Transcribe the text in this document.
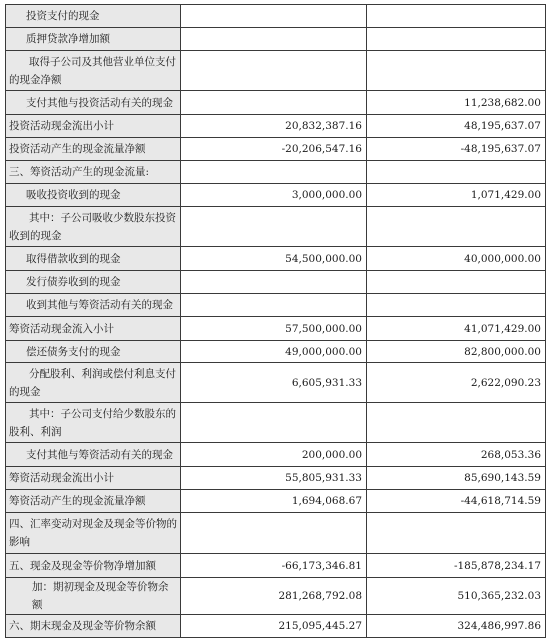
投资支付的现金		
质押贷款净增加额		
取得子公司及其他营业单位支付的现金净额		
支付其他与投资活动有关的现金		11,238,682.00
投资活动现金流出小计	20,832,387.16	48,195,637.07
投资活动产生的现金流量净额	-20,206,547.16	-48,195,637.07
三、筹资活动产生的现金流量:		
吸收投资收到的现金	3,000,000.00	1,071,429.00
其中：子公司吸收少数股东投资收到的现金		
取得借款收到的现金	54,500,000.00	40,000,000.00
发行债券收到的现金		
收到其他与筹资活动有关的现金		
筹资活动现金流入小计	57,500,000.00	41,071,429.00
偿还债务支付的现金	49,000,000.00	82,800,000.00
分配股利、利润或偿付利息支付的现金	6,605,931.33	2,622,090.23
其中：子公司支付给少数股东的股利、利润		
支付其他与筹资活动有关的现金	200,000.00	268,053.36
筹资活动现金流出小计	55,805,931.33	85,690,143.59
筹资活动产生的现金流量净额	1,694,068.67	-44,618,714.59
四、汇率变动对现金及现金等价物的影响		
五、现金及现金等价物净增加额	-66,173,346.81	-185,878,234.17
加：期初现金及现金等价物余额	281,268,792.08	510,365,232.03
六、期末现金及现金等价物余额	215,095,445.27	324,486,997.86
